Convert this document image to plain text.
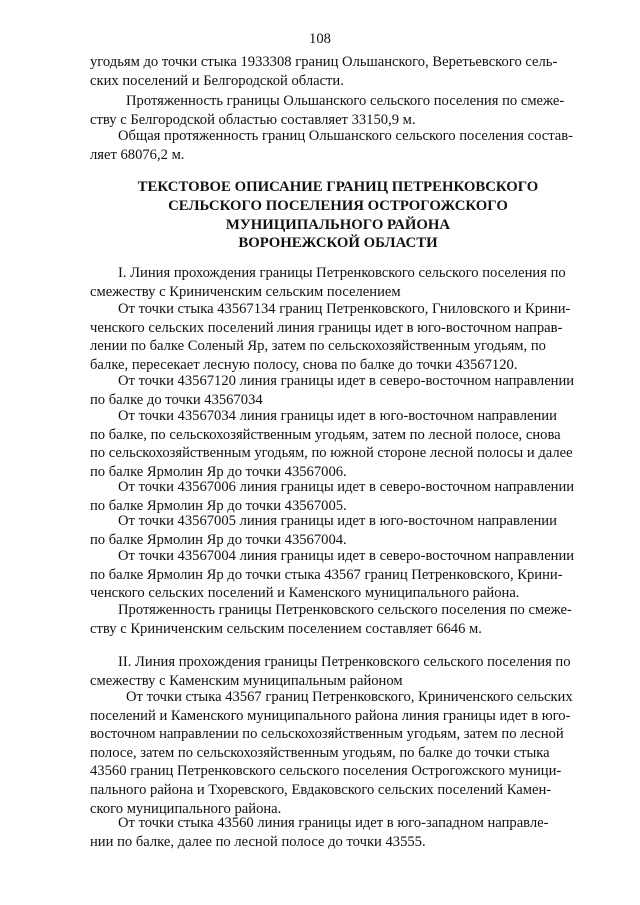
108
угодьям до точки стыка 1933308 границ Ольшанского, Веретьевского сель-
ских поселений и Белгородской области.
Протяженность границы Ольшанского сельского поселения по смеже-
ству с Белгородской областью составляет 33150,9 м.
Общая протяженность границ Ольшанского сельского поселения состав-
ляет 68076,2 м.
ТЕКСТОВОЕ ОПИСАНИЕ ГРАНИЦ ПЕТРЕНКОВСКОГО
СЕЛЬСКОГО ПОСЕЛЕНИЯ ОСТРОГОЖСКОГО
МУНИЦИПАЛЬНОГО РАЙОНА
ВОРОНЕЖСКОЙ ОБЛАСТИ
I. Линия прохождения границы Петренковского сельского поселения по
смежеству с Криниченским сельским поселением
От точки стыка 43567134 границ Петренковского, Гниловского и Крини-
ченского сельских поселений линия границы идет в юго-восточном направ-
лении по балке Соленый Яр, затем по сельскохозяйственным угодьям, по
балке, пересекает лесную полосу, снова по балке до точки 43567120.
От точки 43567120 линия границы идет в северо-восточном направлении
по балке до точки 43567034
От точки 43567034 линия границы идет в юго-восточном направлении
по балке, по сельскохозяйственным угодьям, затем по лесной полосе, снова
по сельскохозяйственным угодьям, по южной стороне лесной полосы и далее
по балке Ярмолин Яр до точки 43567006.
От точки 43567006 линия границы идет в северо-восточном направлении
по балке Ярмолин Яр до точки 43567005.
От точки 43567005 линия границы идет в юго-восточном направлении
по балке Ярмолин Яр до точки 43567004.
От точки 43567004 линия границы идет в северо-восточном направлении
по балке Ярмолин Яр до точки стыка 43567 границ Петренковского, Крини-
ченского сельских поселений и Каменского муниципального района.
Протяженность границы Петренковского сельского поселения по смеже-
ству с Криниченским сельским поселением составляет 6646 м.
II. Линия прохождения границы Петренковского сельского поселения по
смежеству с Каменским муниципальным районом
От точки стыка 43567 границ Петренковского, Криниченского сельских
поселений и Каменского муниципального района линия границы идет в юго-
восточном направлении по сельскохозяйственным угодьям, затем по лесной
полосе, затем по сельскохозяйственным угодьям, по балке до точки стыка
43560 границ Петренковского сельского поселения Острогожского муници-
пального района и Тхоревского, Евдаковского сельских поселений Камен-
ского муниципального района.
От точки стыка 43560 линия границы идет в юго-западном направле-
нии по балке, далее по лесной полосе до точки 43555.
